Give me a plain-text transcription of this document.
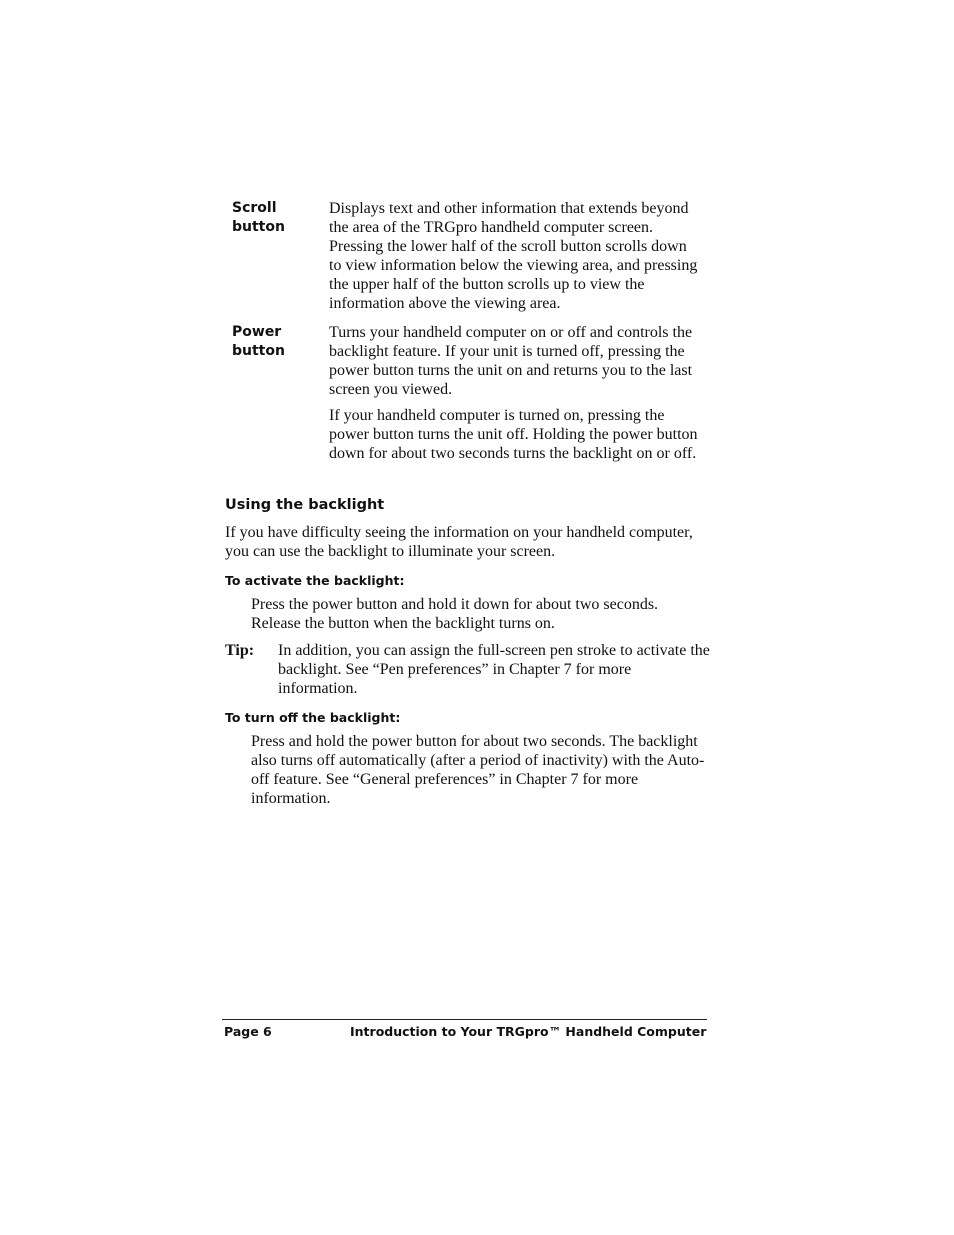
Scroll
button

Displays text and other information that extends beyond the area of the TRGpro handheld computer screen. Pressing the lower half of the scroll button scrolls down to view information below the viewing area, and pressing the upper half of the button scrolls up to view the information above the viewing area.

Power
button

Turns your handheld computer on or off and controls the backlight feature. If your unit is turned off, pressing the power button turns the unit on and returns you to the last screen you viewed.

If your handheld computer is turned on, pressing the power button turns the unit off. Holding the power button down for about two seconds turns the backlight on or off.

Using the backlight
If you have difficulty seeing the information on your handheld computer, you can use the backlight to illuminate your screen.
To activate the backlight:
Press the power button and hold it down for about two seconds. Release the button when the backlight turns on.
Tip: In addition, you can assign the full-screen pen stroke to activate the backlight. See “Pen preferences” in Chapter 7 for more information.
To turn off the backlight:
Press and hold the power button for about two seconds. The backlight also turns off automatically (after a period of inactivity) with the Auto-off feature. See “General preferences” in Chapter 7 for more information.
Page 6	Introduction to Your TRGpro™ Handheld Computer
